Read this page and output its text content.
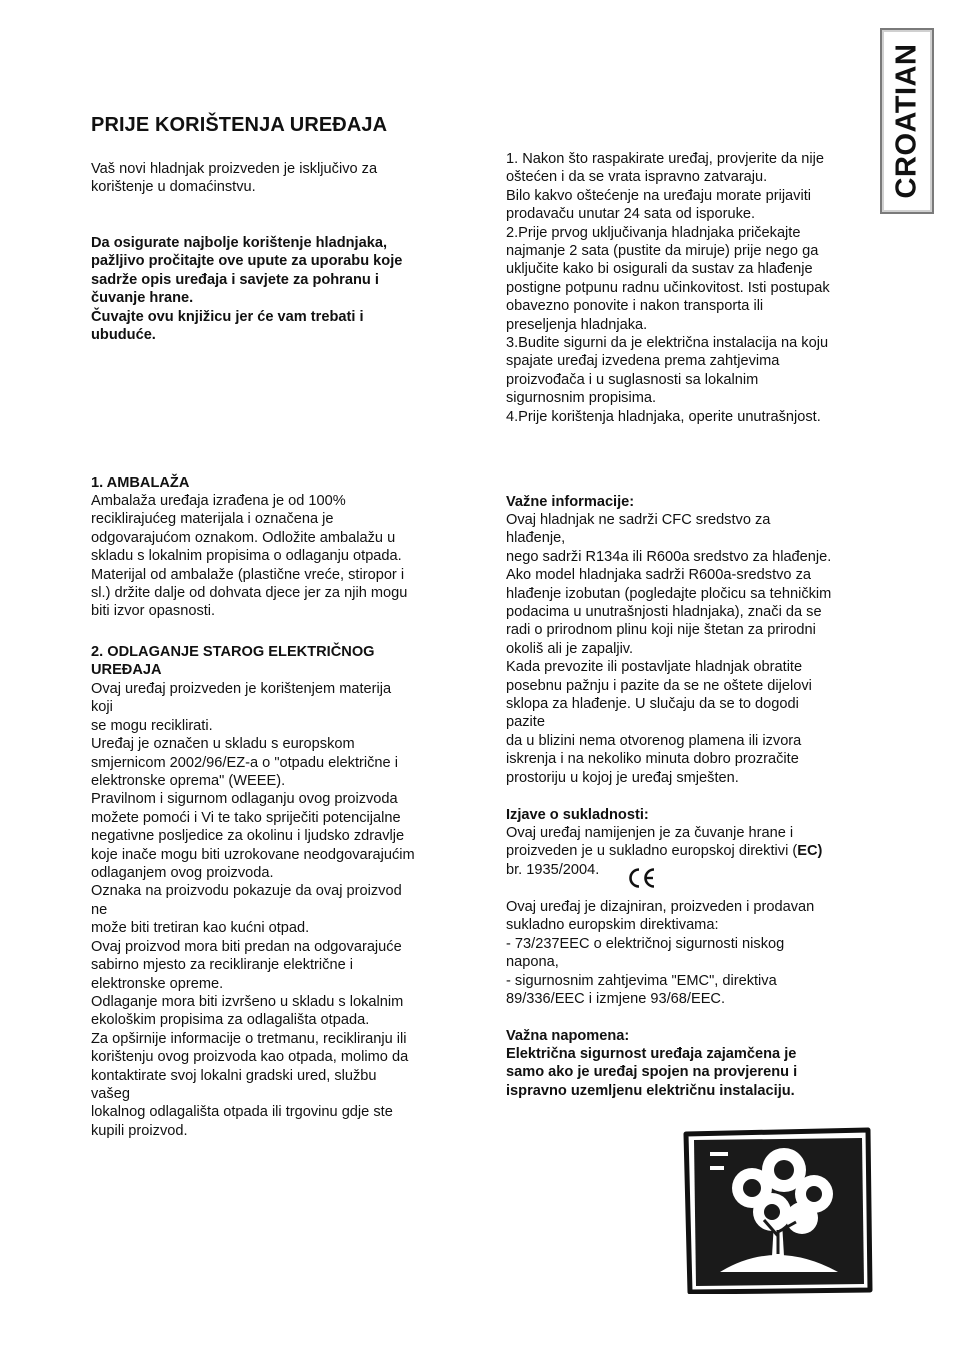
CROATIAN
PRIJE KORIŠTENJA UREĐAJA
Vaš novi hladnjak proizveden je isključivo za
korištenje u domaćinstvu.
Da osigurate najbolje korištenje hladnjaka,
pažljivo pročitajte ove upute za uporabu koje
sadrže opis uređaja i savjete za pohranu i
čuvanje hrane.
Čuvajte ovu knjižicu jer će vam trebati i
ubuduće.
1. Nakon što raspakirate uređaj, provjerite da nije
oštećen i da se vrata ispravno zatvaraju.
Bilo kakvo oštećenje na uređaju morate prijaviti
prodavaču unutar 24 sata od isporuke.
2.Prije prvog uključivanja hladnjaka pričekajte
najmanje 2 sata (pustite da miruje) prije nego ga
uključite kako bi osigurali da sustav za hlađenje
postigne potpunu radnu učinkovitost. Isti postupak
obavezno ponovite i nakon transporta ili
preseljenja hladnjaka.
3.Budite sigurni da je električna instalacija na koju
spajate uređaj izvedena prema zahtjevima
proizvođača i u suglasnosti sa lokalnim
sigurnosnim propisima.
4.Prije korištenja hladnjaka, operite unutrašnjost.
1. AMBALAŽA
Ambalaža uređaja izrađena je od 100%
reciklirajućeg materijala i označena je
odgovarajućom oznakom. Odložite ambalažu u
skladu s lokalnim propisima o odlaganju otpada.
Materijal od ambalaže (plastične vreće, stiropor i
sl.) držite dalje od dohvata djece jer za njih mogu
biti izvor opasnosti.
2. ODLAGANJE STAROG ELEKTRIČNOG
UREĐAJA
Ovaj uređaj proizveden je korištenjem materija
koji
se mogu reciklirati.
Uređaj je označen u skladu s europskom
smjernicom 2002/96/EZ-a o "otpadu električne i
elektronske oprema" (WEEE).
Pravilnom i sigurnom odlaganju ovog proizvoda
možete pomoći i Vi te tako spriječiti potencijalne
negativne posljedice za okolinu i ljudsko zdravlje
koje inače mogu biti uzrokovane neodgovarajućim
odlaganjem ovog proizvoda.
Oznaka na proizvodu pokazuje da ovaj proizvod
ne
može biti tretiran kao kućni otpad.
Ovaj proizvod mora biti predan na odgovarajuće
sabirno mjesto za recikliranje električne i
elektronske opreme.
Odlaganje mora biti izvršeno u skladu s lokalnim
ekološkim propisima za odlagališta otpada.
Za opširnije informacije o tretmanu, recikliranju ili
korištenju ovog proizvoda kao otpada, molimo da
kontaktirate svoj lokalni gradski ured, službu
vašeg
lokalnog odlagališta otpada ili trgovinu gdje ste
kupili proizvod.
Važne informacije:
Ovaj hladnjak ne sadrži CFC sredstvo za
hlađenje,
nego sadrži R134a ili R600a sredstvo za hlađenje.
Ako model hladnjaka sadrži R600a-sredstvo za
hlađenje izobutan (pogledajte pločicu sa tehničkim
podacima u unutrašnjosti hladnjaka), znači da se
radi o prirodnom plinu koji nije štetan za prirodni
okoliš ali je zapaljiv.
Kada prevozite ili postavljate hladnjak obratite
posebnu pažnju i pazite da se ne oštete dijelovi
sklopa za hlađenje. U slučaju da se to dogodi
pazite
da u blizini nema otvorenog plamena ili izvora
iskrenja i na nekoliko minuta dobro prozračite
prostoriju u kojoj je uređaj smješten.
Izjave o sukladnosti:
Ovaj uređaj namijenjen je za čuvanje hrane i
proizveden je u sukladno europskoj direktivi (EC)
br. 1935/2004.
Ovaj uređaj je dizajniran, proizveden i prodavan
sukladno europskim direktivama:
- 73/237EEC o električnoj sigurnosti niskog
napona,
- sigurnosnim zahtjevima "EMC", direktiva
89/336/EEC i izmjene 93/68/EEC.
Važna napomena:
Električna sigurnost uređaja zajamčena je
samo ako je uređaj spojen na provjerenu i
ispravno uzemljenu električnu instalaciju.
